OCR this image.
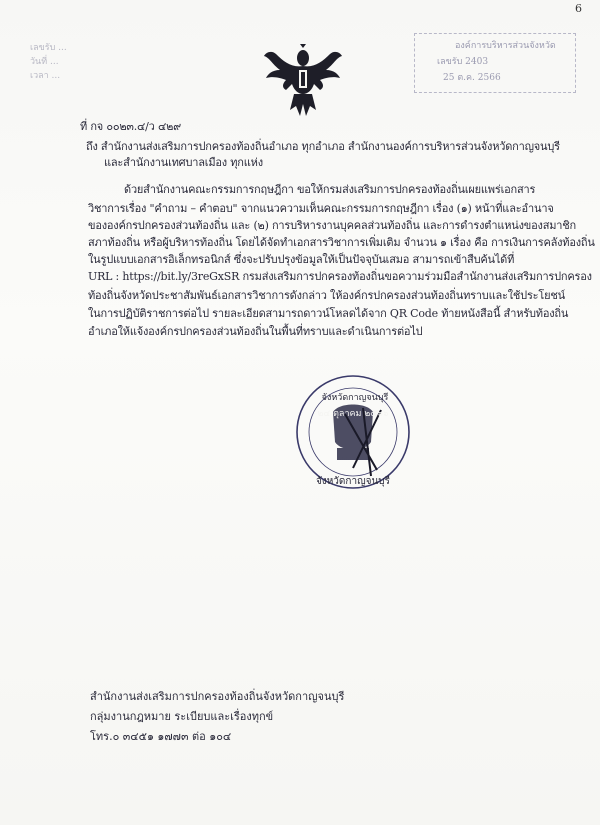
6
เลขรับ ...
วันที่ ...
เวลา ...
องค์การบริหารส่วนจังหวัด
เลขรับ 2403
25 ต.ค. 2566
ที่ กจ ๐๐๒๓.๔/ว ๔๒๙
ถึง สำนักงานส่งเสริมการปกครองท้องถิ่นอำเภอ ทุกอำเภอ สำนักงานองค์การบริหารส่วนจังหวัดกาญจนบุรี
และสำนักงานเทศบาลเมือง ทุกแห่ง
ด้วยสำนักงานคณะกรรมการกฤษฎีกา ขอให้กรมส่งเสริมการปกครองท้องถิ่นเผยแพร่เอกสาร
วิชาการเรื่อง "คำถาม – คำตอบ" จากแนวความเห็นคณะกรรมการกฤษฎีกา เรื่อง (๑) หน้าที่และอำนาจ
ขององค์กรปกครองส่วนท้องถิ่น และ (๒) การบริหารงานบุคคลส่วนท้องถิ่น และการดำรงตำแหน่งของสมาชิก
สภาท้องถิ่น หรือผู้บริหารท้องถิ่น โดยได้จัดทำเอกสารวิชาการเพิ่มเติม จำนวน ๑ เรื่อง คือ การเงินการคลังท้องถิ่น
ในรูปแบบเอกสารอิเล็กทรอนิกส์ ซึ่งจะปรับปรุงข้อมูลให้เป็นปัจจุบันเสมอ สามารถเข้าสืบค้นได้ที่
URL : https://bit.ly/3reGxSR กรมส่งเสริมการปกครองท้องถิ่นขอความร่วมมือสำนักงานส่งเสริมการปกครอง
ท้องถิ่นจังหวัดประชาสัมพันธ์เอกสารวิชาการดังกล่าว ให้องค์กรปกครองส่วนท้องถิ่นทราบและใช้ประโยชน์
ในการปฏิบัติราชการต่อไป รายละเอียดสามารถดาวน์โหลดได้จาก QR Code ท้ายหนังสือนี้ สำหรับท้องถิ่น
อำเภอให้แจ้งองค์กรปกครองส่วนท้องถิ่นในพื้นที่ทราบและดำเนินการต่อไป
จังหวัดกาญจนบุรี
๒๔ ตุลาคม ๒๕๖๖
จังหวัดกาญจนบุรี
สำนักงานส่งเสริมการปกครองท้องถิ่นจังหวัดกาญจนบุรี
กลุ่มงานกฎหมาย ระเบียบและเรื่องทุกข์
โทร.๐ ๓๔๕๑ ๑๗๗๓ ต่อ ๑๐๔
